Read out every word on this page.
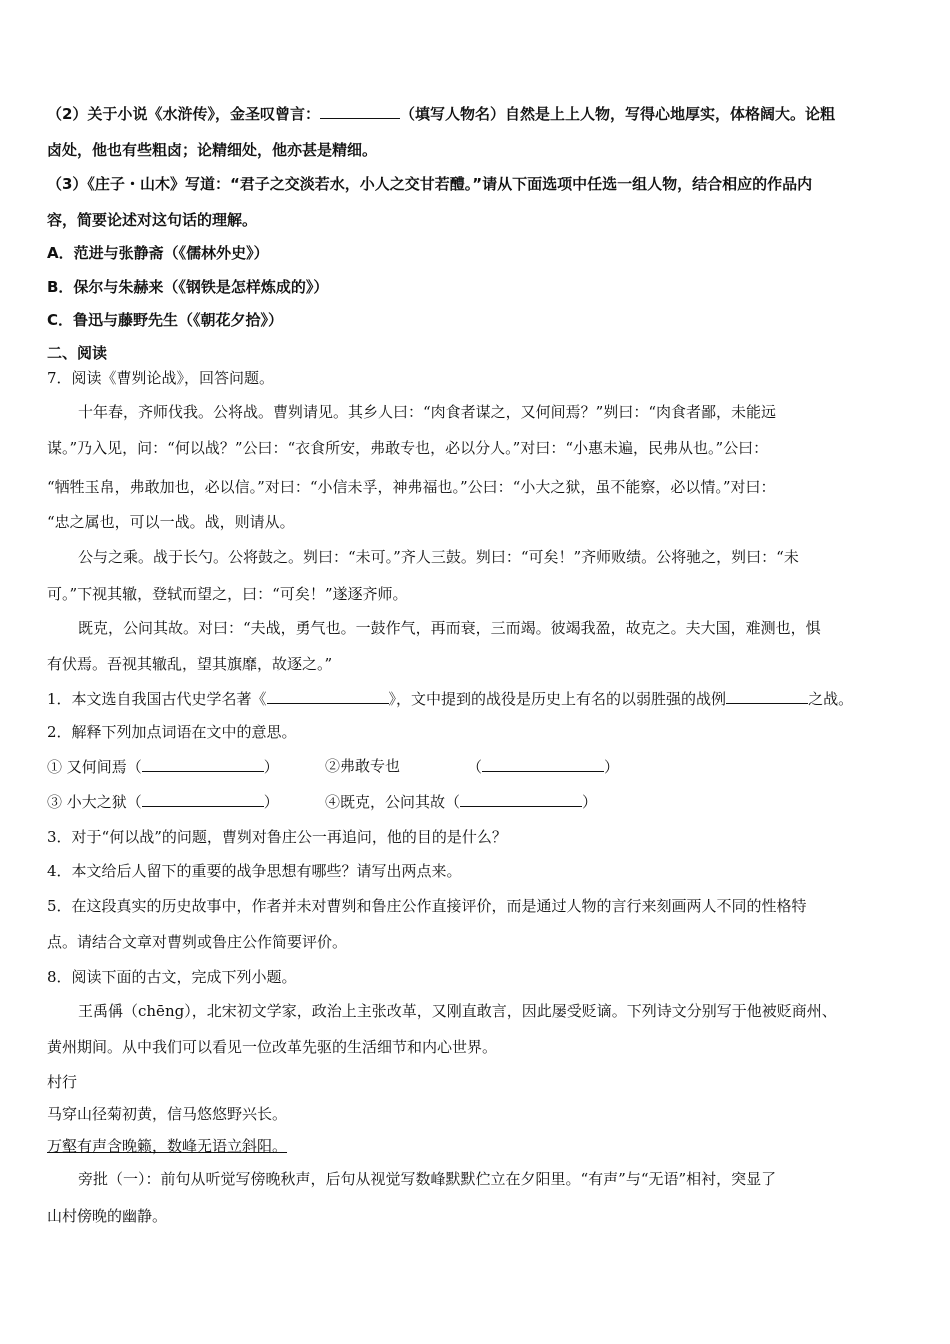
（2）关于小说《水浒传》，金圣叹曾言：	（填写人物名）自然是上上人物，写得心地厚实，体格阔大。论粗
卤处，他也有些粗卤；论精细处，他亦甚是精细。
（3）《庄子・山木》写道：“君子之交淡若水，小人之交甘若醴。”请从下面选项中任选一组人物，结合相应的作品内
容，简要论述对这句话的理解。
A．范进与张静斋（《儒林外史》）
B．保尔与朱赫来（《钢铁是怎样炼成的》）
C．鲁迅与藤野先生（《朝花夕拾》）
二、阅读
7．阅读《曹刿论战》，回答问题。
十年春，齐师伐我。公将战。曹刿请见。其乡人曰：“肉食者谋之，又何间焉？”刿曰：“肉食者鄙，未能远
谋。”乃入见，问：“何以战？”公曰：“衣食所安，弗敢专也，必以分人。”对曰：“小惠未遍，民弗从也。”公曰：
“牺牲玉帛，弗敢加也，必以信。”对曰：“小信未孚，神弗福也。”公曰：“小大之狱，虽不能察，必以情。”对曰：
“忠之属也，可以一战。战，则请从。
公与之乘。战于长勺。公将鼓之。刿曰：“未可。”齐人三鼓。刿曰：“可矣！”齐师败绩。公将驰之，刿曰：“未
可。”下视其辙，登轼而望之，曰：“可矣！”遂逐齐师。
既克，公问其故。对曰：“夫战，勇气也。一鼓作气，再而衰，三而竭。彼竭我盈，故克之。夫大国，难测也，惧
有伏焉。吾视其辙乱，望其旗靡，故逐之。”
1．本文选自我国古代史学名著《	》，文中提到的战役是历史上有名的以弱胜强的战例	之战。
2．解释下列加点词语在文中的意思。
① 又何间焉（	）	②弗敢专也	（	）
③ 小大之狱（	）	④既克，公问其故（	）
3．对于“何以战”的问题，曹刿对鲁庄公一再追问，他的目的是什么？
4．本文给后人留下的重要的战争思想有哪些？请写出两点来。
5．在这段真实的历史故事中，作者并未对曹刿和鲁庄公作直接评价，而是通过人物的言行来刻画两人不同的性格特
点。请结合文章对曹刿或鲁庄公作简要评价。
8．阅读下面的古文，完成下列小题。
王禹偁（chēng），北宋初文学家，政治上主张改革，又刚直敢言，因此屡受贬谪。下列诗文分别写于他被贬商州、
黄州期间。从中我们可以看见一位改革先驱的生活细节和内心世界。
村行
马穿山径菊初黄，信马悠悠野兴长。
万壑有声含晚籁，数峰无语立斜阳。
旁批（一）：前句从听觉写傍晚秋声，后句从视觉写数峰默默伫立在夕阳里。“有声”与“无语”相衬，突显了
山村傍晚的幽静。
